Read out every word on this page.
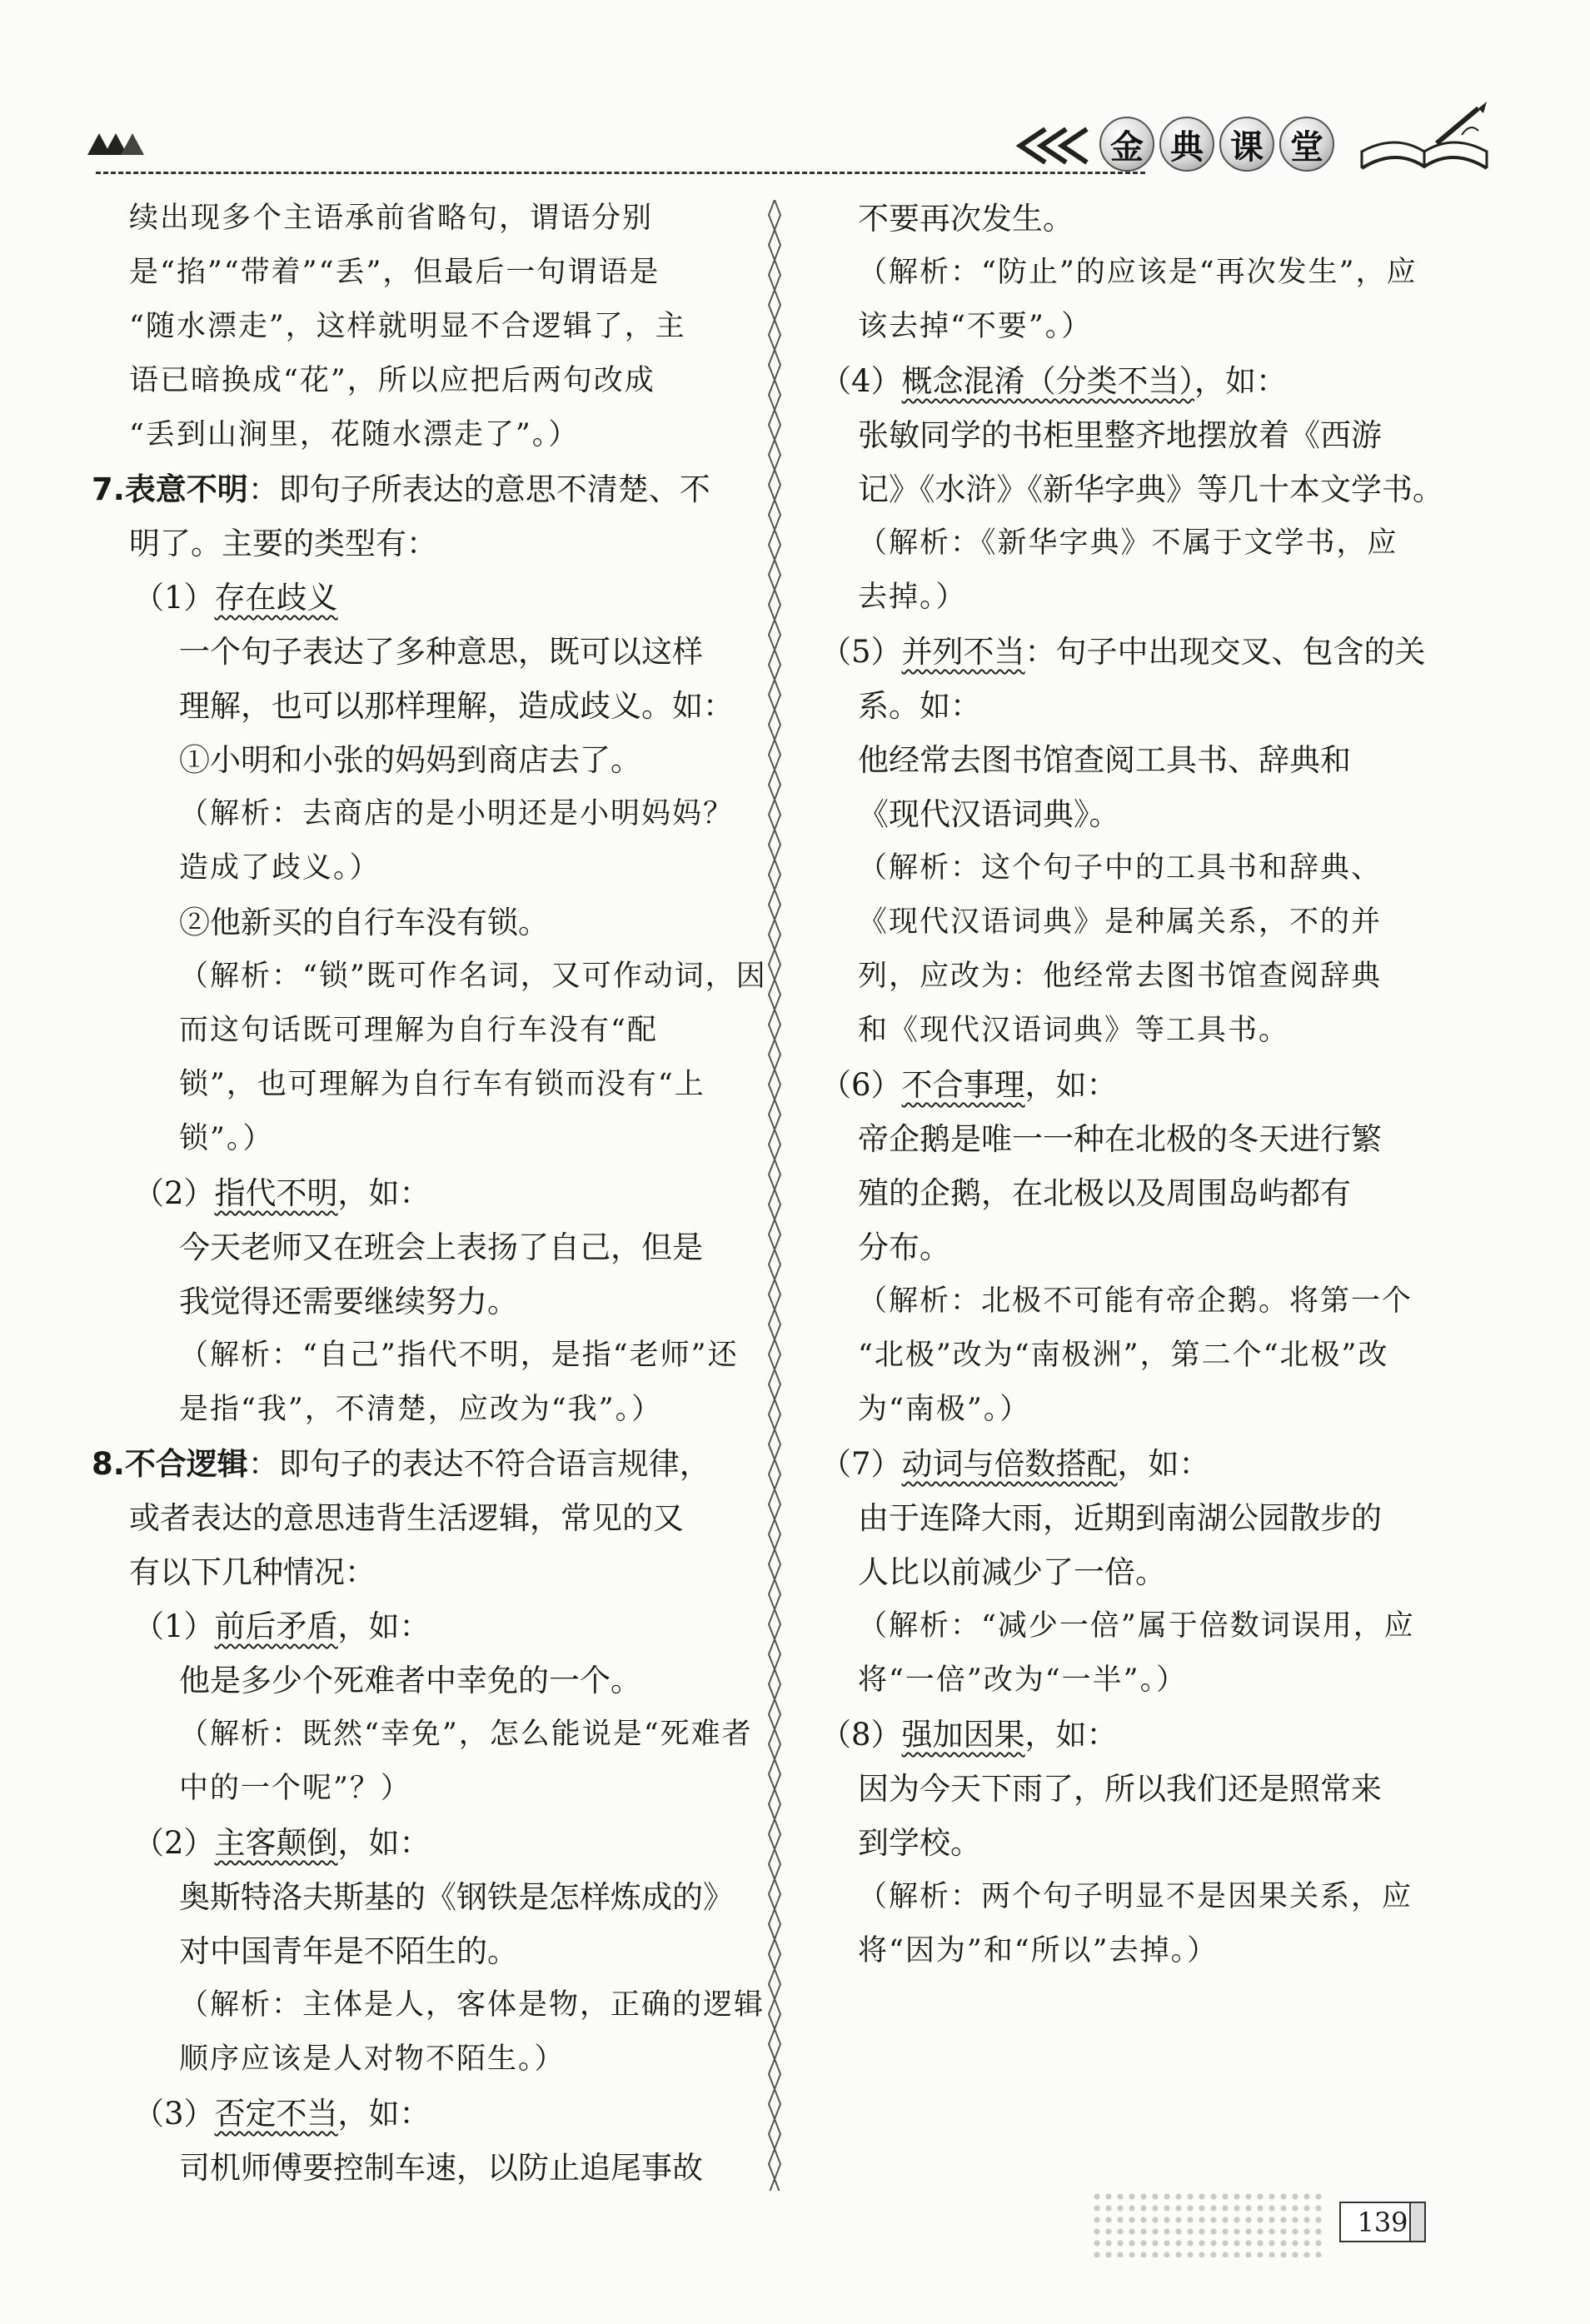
金 典 课 堂

续出现多个主语承前省略句，谓语分别

是“掐”“带着”“丢”，但最后一句谓语是

“随水漂走”，这样就明显不合逻辑了，主

语已暗换成“花”，所以应把后两句改成

“丢到山涧里，花随水漂走了”。）

7.表意不明：即句子所表达的意思不清楚、不

明了。主要的类型有：

（1）存在歧义

一个句子表达了多种意思，既可以这样

理解，也可以那样理解，造成歧义。如：

①小明和小张的妈妈到商店去了。

（解析：去商店的是小明还是小明妈妈？

造成了歧义。）

②他新买的自行车没有锁。

（解析：“锁”既可作名词，又可作动词，因

而这句话既可理解为自行车没有“配

锁”，也可理解为自行车有锁而没有“上

锁”。）

（2）指代不明，如：

今天老师又在班会上表扬了自己，但是

我觉得还需要继续努力。

（解析：“自己”指代不明，是指“老师”还

是指“我”，不清楚，应改为“我”。）

8.不合逻辑：即句子的表达不符合语言规律，

或者表达的意思违背生活逻辑，常见的又

有以下几种情况：

（1）前后矛盾，如：

他是多少个死难者中幸免的一个。

（解析：既然“幸免”，怎么能说是“死难者

中的一个呢”？）

（2）主客颠倒，如：

奥斯特洛夫斯基的《钢铁是怎样炼成的》

对中国青年是不陌生的。

（解析：主体是人，客体是物，正确的逻辑

顺序应该是人对物不陌生。）

（3）否定不当，如：

司机师傅要控制车速，以防止追尾事故

不要再次发生。

（解析：“防止”的应该是“再次发生”，应

该去掉“不要”。）

（4）概念混淆（分类不当），如：

张敏同学的书柜里整齐地摆放着《西游

记》《水浒》《新华字典》等几十本文学书。

（解析：《新华字典》不属于文学书，应

去掉。）

（5）并列不当：句子中出现交叉、包含的关

系。如：

他经常去图书馆查阅工具书、辞典和

《现代汉语词典》。

（解析：这个句子中的工具书和辞典、

《现代汉语词典》是种属关系，不的并

列，应改为：他经常去图书馆查阅辞典

和《现代汉语词典》等工具书。

（6）不合事理，如：

帝企鹅是唯一一种在北极的冬天进行繁

殖的企鹅，在北极以及周围岛屿都有

分布。

（解析：北极不可能有帝企鹅。将第一个

“北极”改为“南极洲”，第二个“北极”改

为“南极”。）

（7）动词与倍数搭配，如：

由于连降大雨，近期到南湖公园散步的

人比以前减少了一倍。

（解析：“减少一倍”属于倍数词误用，应

将“一倍”改为“一半”。）

（8）强加因果，如：

因为今天下雨了，所以我们还是照常来

到学校。

（解析：两个句子明显不是因果关系，应

将“因为”和“所以”去掉。）

139
